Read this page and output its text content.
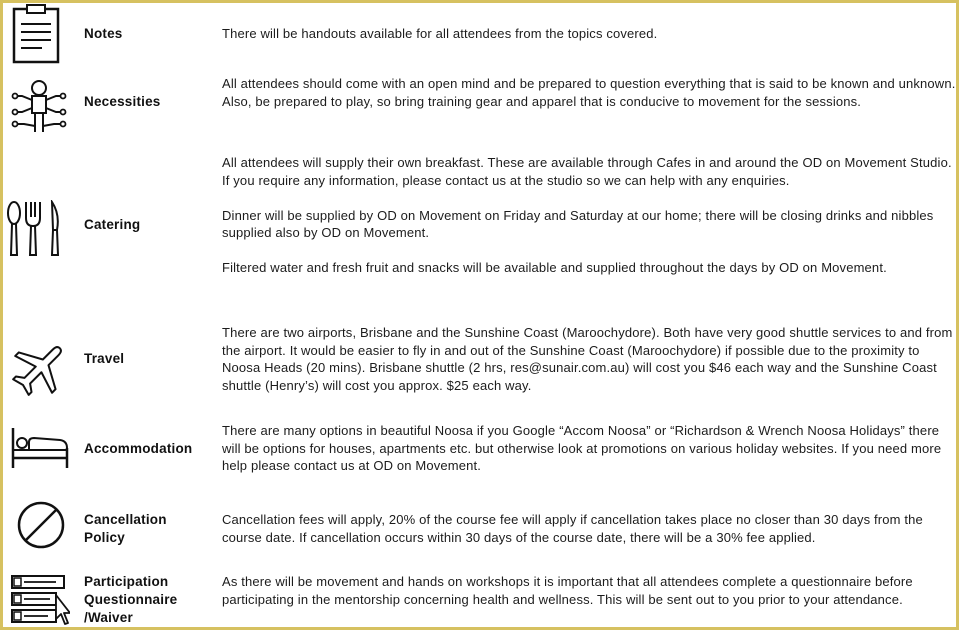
Notes	There will be handouts available for all attendees from the topics covered.

Necessities

All attendees should come with an open mind and be prepared to question everything that is said to be known and unknown. Also, be prepared to play, so bring training gear and apparel that is conducive to movement for the sessions.

Catering

All attendees will supply their own breakfast. These are available through Cafes in and around the OD on Movement Studio. If you require any information, please contact us at the studio so we can help with any enquiries.

Dinner will be supplied by OD on Movement on Friday and Saturday at our home; there will be closing drinks and nibbles supplied also by OD on Movement.

Filtered water and fresh fruit and snacks will be available and supplied throughout the days by OD on Movement.

Travel

There are two airports, Brisbane and the Sunshine Coast (Maroochydore). Both have very good shuttle services to and from the airport. It would be easier to fly in and out of the Sunshine Coast (Maroochydore) if possible due to the proximity to Noosa Heads (20 mins). Brisbane shuttle (2 hrs, res@sunair.com.au) will cost you $46 each way and the Sunshine Coast shuttle (Henry’s) will cost you approx. $25 each way.

Accommodation

There are many options in beautiful Noosa if you Google “Accom Noosa” or “Richardson & Wrench Noosa Holidays” there will be options for houses, apartments etc. but otherwise look at promotions on various holiday websites. If you need more help please contact us at OD on Movement.

Cancellation
Policy

Cancellation fees will apply, 20% of the course fee will apply if cancellation takes place no closer than 30 days from the course date. If cancellation occurs within 30 days of the course date, there will be a 30% fee applied.

Participation
Questionnaire
/Waiver

As there will be movement and hands on workshops it is important that all attendees complete a questionnaire before participating in the mentorship concerning health and wellness. This will be sent out to you prior to your attendance.
